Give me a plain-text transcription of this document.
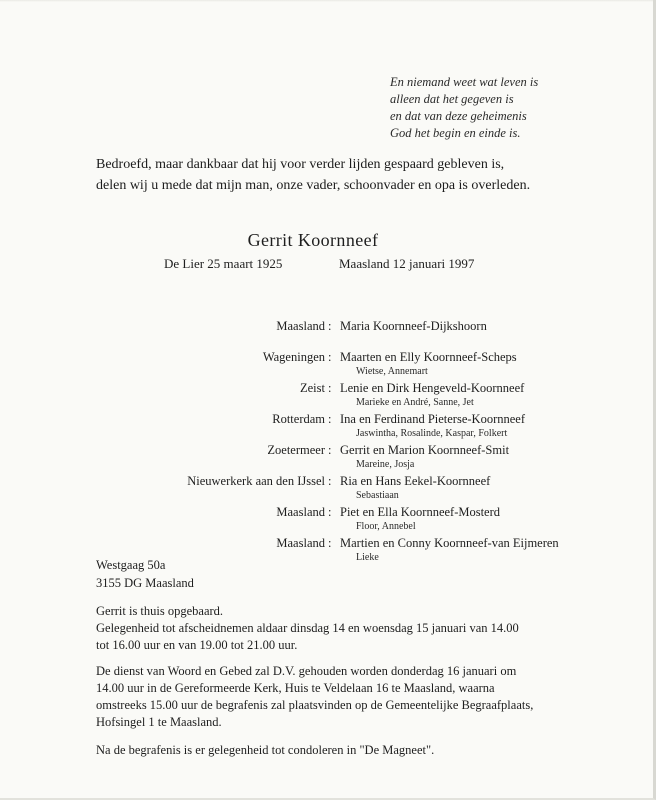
En niemand weet wat leven is
alleen dat het gegeven is
en dat van deze geheimenis
God het begin en einde is.
Bedroefd, maar dankbaar dat hij voor verder lijden gespaard gebleven is,
delen wij u mede dat mijn man, onze vader, schoonvader en opa is overleden.
Gerrit Koornneef
De Lier 25 maart 1925	Maasland 12 januari 1997
Maasland : Maria Koornneef-Dijkshoorn
Wageningen : Maarten en Elly Koornneef-Scheps
Wietse, Annemart
Zeist : Lenie en Dirk Hengeveld-Koornneef
Marieke en André, Sanne, Jet
Rotterdam : Ina en Ferdinand Pieterse-Koornneef
Jaswintha, Rosalinde, Kaspar, Folkert
Zoetermeer : Gerrit en Marion Koornneef-Smit
Mareine, Josja
Nieuwerkerk aan den IJssel : Ria en Hans Eekel-Koornneef
Sebastiaan
Maasland : Piet en Ella Koornneef-Mosterd
Floor, Annebel
Maasland : Martien en Conny Koornneef-van Eijmeren
Lieke
Westgaag 50a
3155 DG Maasland
Gerrit is thuis opgebaard.
Gelegenheid tot afscheidnemen aldaar dinsdag 14 en woensdag 15 januari van 14.00
tot 16.00 uur en van 19.00 tot 21.00 uur.
De dienst van Woord en Gebed zal D.V. gehouden worden donderdag 16 januari om
14.00 uur in de Gereformeerde Kerk, Huis te Veldelaan 16 te Maasland, waarna
omstreeks 15.00 uur de begrafenis zal plaatsvinden op de Gemeentelijke Begraafplaats,
Hofsingel 1 te Maasland.
Na de begrafenis is er gelegenheid tot condoleren in "De Magneet".
